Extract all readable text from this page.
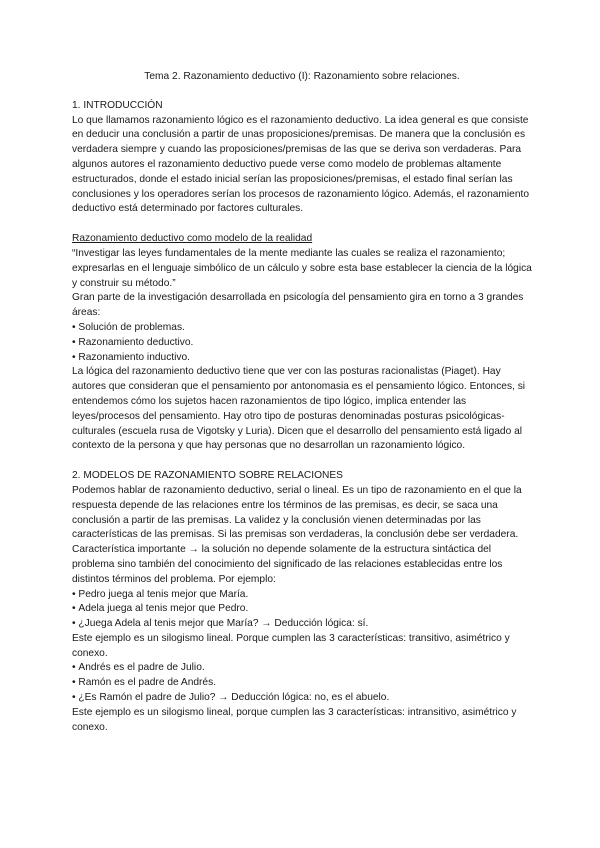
Tema 2. Razonamiento deductivo (I): Razonamiento sobre relaciones.

1. INTRODUCCIÓN

Lo que llamamos razonamiento lógico es el razonamiento deductivo. La idea general es que consiste en deducir una conclusión a partir de unas proposiciones/premisas. De manera que la conclusión es verdadera siempre y cuando las proposiciones/premisas de las que se deriva son verdaderas. Para algunos autores el razonamiento deductivo puede verse como modelo de problemas altamente estructurados, donde el estado inicial serían las proposiciones/premisas, el estado final serían las conclusiones y los operadores serían los procesos de razonamiento lógico. Además, el razonamiento deductivo está determinado por factores culturales.

Razonamiento deductivo como modelo de la realidad

“Investigar las leyes fundamentales de la mente mediante las cuales se realiza el razonamiento; expresarlas en el lenguaje simbólico de un cálculo y sobre esta base establecer la ciencia de la lógica y construir su método.”

Gran parte de la investigación desarrollada en psicología del pensamiento gira en torno a 3 grandes áreas:

• Solución de problemas.
• Razonamiento deductivo.
• Razonamiento inductivo.

La lógica del razonamiento deductivo tiene que ver con las posturas racionalistas (Piaget). Hay autores que consideran que el pensamiento por antonomasia es el pensamiento lógico. Entonces, si entendemos cómo los sujetos hacen razonamientos de tipo lógico, implica entender las leyes/procesos del pensamiento. Hay otro tipo de posturas denominadas posturas psicológicas-culturales (escuela rusa de Vigotsky y Luria). Dicen que el desarrollo del pensamiento está ligado al contexto de la persona y que hay personas que no desarrollan un razonamiento lógico.

2. MODELOS DE RAZONAMIENTO SOBRE RELACIONES

Podemos hablar de razonamiento deductivo, serial o lineal. Es un tipo de razonamiento en el que la respuesta depende de las relaciones entre los términos de las premisas, es decir, se saca una conclusión a partir de las premisas. La validez y la conclusión vienen determinadas por las características de las premisas. Si las premisas son verdaderas, la conclusión debe ser verdadera.

Característica importante → la solución no depende solamente de la estructura sintáctica del problema sino también del conocimiento del significado de las relaciones establecidas entre los distintos términos del problema. Por ejemplo:

• Pedro juega al tenis mejor que María.
• Adela juega al tenis mejor que Pedro.
• ¿Juega Adela al tenis mejor que María? → Deducción lógica: sí.

Este ejemplo es un silogismo lineal. Porque cumplen las 3 características: transitivo, asimétrico y conexo.

• Andrés es el padre de Julio.
• Ramón es el padre de Andrés.
• ¿Es Ramón el padre de Julio? → Deducción lógica: no, es el abuelo.

Este ejemplo es un silogismo lineal, porque cumplen las 3 características: intransitivo, asimétrico y conexo.
